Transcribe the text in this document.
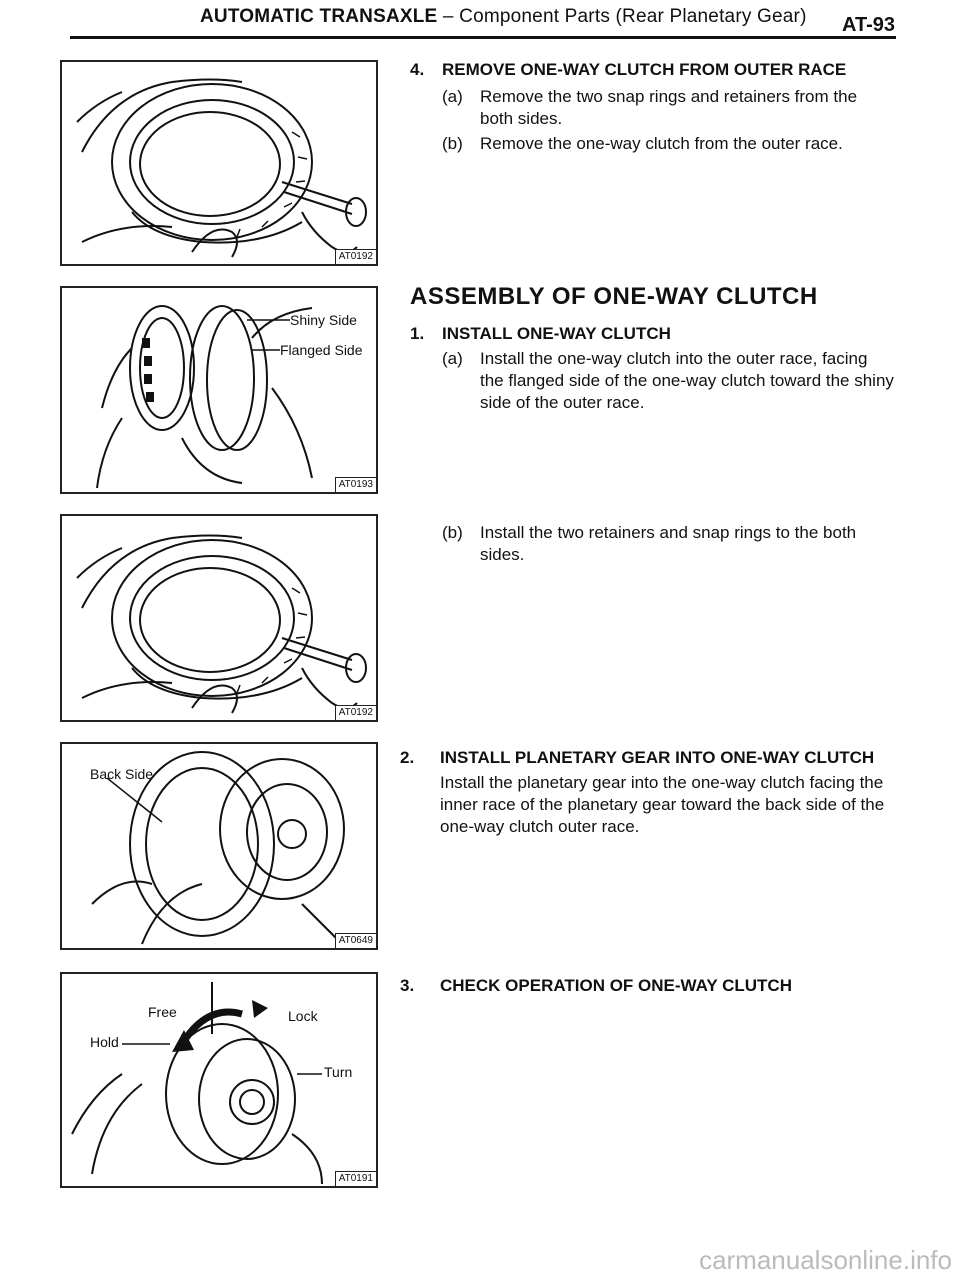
AUTOMATIC TRANSAXLE – Component Parts (Rear Planetary Gear) AT-93
AT0192
Shiny Side
Flanged Side
AT0193
AT0192
Back Side
AT0649
Free	Lock
Hold
Turn
AT0191
4. REMOVE ONE-WAY CLUTCH FROM OUTER RACE
(a) Remove the two snap rings and retainers from the both sides.
(b) Remove the one-way clutch from the outer race.
ASSEMBLY OF ONE-WAY CLUTCH
1. INSTALL ONE-WAY CLUTCH
(a) Install the one-way clutch into the outer race, facing the flanged side of the one-way clutch toward the shiny side of the outer race.
(b) Install the two retainers and snap rings to the both sides.
2. INSTALL PLANETARY GEAR INTO ONE-WAY CLUTCH
Install the planetary gear into the one-way clutch facing the inner race of the planetary gear toward the back side of the one-way clutch outer race.
3. CHECK OPERATION OF ONE-WAY CLUTCH
carmanualsonline.info
